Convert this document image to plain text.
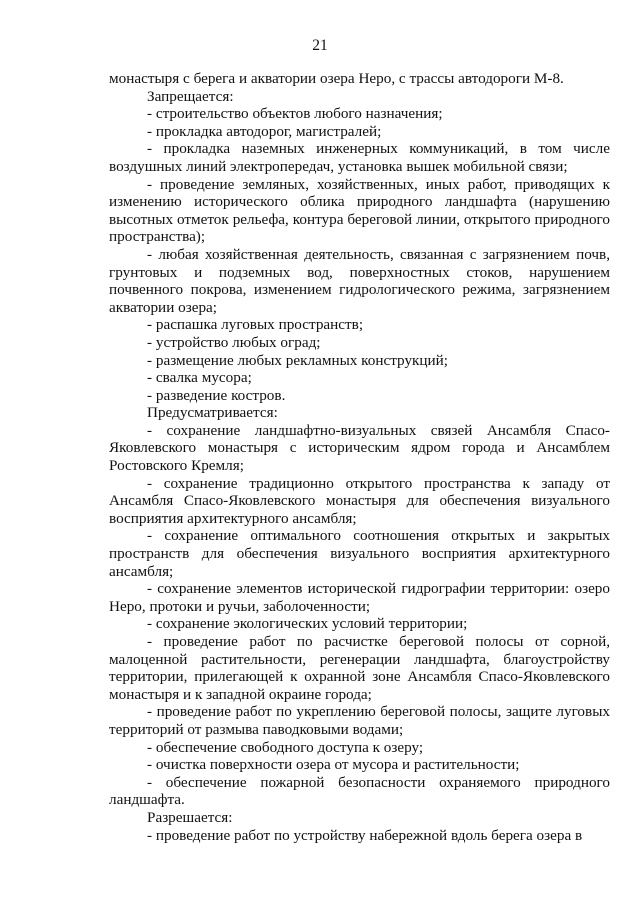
21

монастыря с берега и акватории озера Неро, с трассы автодороги М-8.

Запрещается:

- строительство объектов любого назначения;

- прокладка автодорог, магистралей;

- прокладка наземных инженерных коммуникаций, в том числе воздушных линий электропередач, установка вышек мобильной связи;

- проведение земляных, хозяйственных, иных работ, приводящих к изменению исторического облика природного ландшафта (нарушению высотных отметок рельефа, контура береговой линии, открытого природного пространства);

- любая хозяйственная деятельность, связанная с загрязнением почв, грунтовых и подземных вод, поверхностных стоков, нарушением почвенного покрова, изменением гидрологического режима, загрязнением акватории озера;

- распашка луговых пространств;

- устройство любых оград;

- размещение любых рекламных конструкций;

- свалка мусора;

- разведение костров.

Предусматривается:

- сохранение ландшафтно-визуальных связей Ансамбля Спасо-Яковлевского монастыря с историческим ядром города и Ансамблем Ростовского Кремля;

- сохранение традиционно открытого пространства к западу от Ансамбля Спасо-Яковлевского монастыря для обеспечения визуального восприятия архитектурного ансамбля;

- сохранение оптимального соотношения открытых и закрытых пространств для обеспечения визуального восприятия архитектурного ансамбля;

- сохранение элементов исторической гидрографии территории: озеро Неро, протоки и ручьи, заболоченности;

- сохранение экологических условий территории;

- проведение работ по расчистке береговой полосы от сорной, малоценной растительности, регенерации ландшафта, благоустройству территории, прилегающей к охранной зоне Ансамбля Спасо-Яковлевского монастыря и к западной окраине города;

- проведение работ по укреплению береговой полосы, защите луговых территорий от размыва паводковыми водами;

- обеспечение свободного доступа к озеру;

- очистка поверхности озера от мусора и растительности;

- обеспечение пожарной безопасности охраняемого природного ландшафта.

Разрешается:

- проведение работ по устройству набережной вдоль берега озера в
